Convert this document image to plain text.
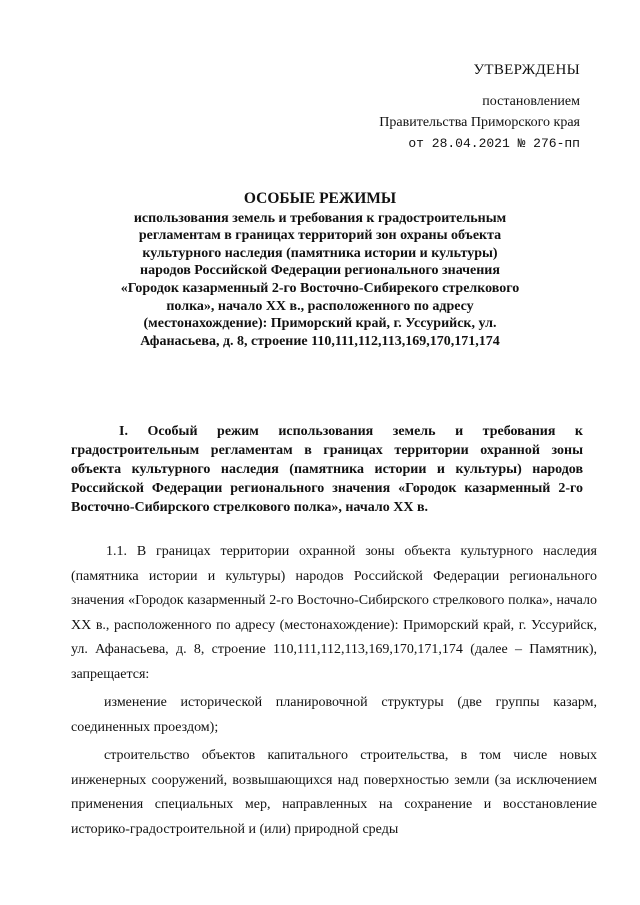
УТВЕРЖДЕНЫ
постановлением
Правительства Приморского края
от 28.04.2021 № 276-пп
ОСОБЫЕ РЕЖИМЫ
использования земель и требования к градостроительным регламентам в границах территорий зон охраны объекта культурного наследия (памятника истории и культуры) народов Российской Федерации регионального значения «Городок казарменный 2-го Восточно-Сибирекого стрелкового полка», начало XX в., расположенного по адресу (местонахождение): Приморский край, г. Уссурийск, ул. Афанасьева, д. 8, строение 110,111,112,113,169,170,171,174
I. Особый режим использования земель и требования к градостроительным регламентам в границах территории охранной зоны объекта культурного наследия (памятника истории и культуры) народов Российской Федерации регионального значения «Городок казарменный 2-го Восточно-Сибирского стрелкового полка», начало XX в.

1.1. В границах территории охранной зоны объекта культурного наследия (памятника истории и культуры) народов Российской Федерации регионального значения «Городок казарменный 2-го Восточно-Сибирского стрелкового полка», начало XX в., расположенного по адресу (местонахождение): Приморский край, г. Уссурийск, ул. Афанасьева, д. 8, строение 110,111,112,113,169,170,171,174 (далее – Памятник), запрещается:

изменение исторической планировочной структуры (две группы казарм, соединенных проездом);

строительство объектов капитального строительства, в том числе новых инженерных сооружений, возвышающихся над поверхностью земли (за исключением применения специальных мер, направленных на сохранение и восстановление историко-градостроительной и (или) природной среды
